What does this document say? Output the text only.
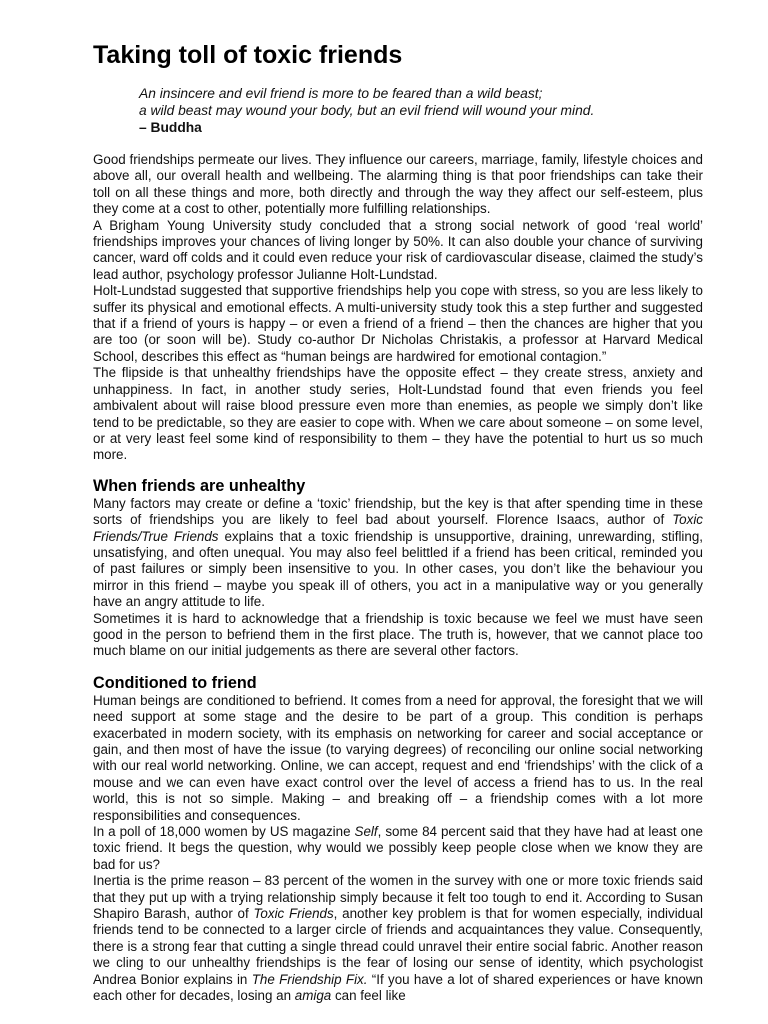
Taking toll of toxic friends
An insincere and evil friend is more to be feared than a wild beast;
a wild beast may wound your body, but an evil friend will wound your mind.
– Buddha

Good friendships permeate our lives. They influence our careers, marriage, family, lifestyle choices and above all, our overall health and wellbeing. The alarming thing is that poor friendships can take their toll on all these things and more, both directly and through the way they affect our self-esteem, plus they come at a cost to other, potentially more fulfilling relationships.

A Brigham Young University study concluded that a strong social network of good ‘real world’ friendships improves your chances of living longer by 50%. It can also double your chance of surviving cancer, ward off colds and it could even reduce your risk of cardiovascular disease, claimed the study’s lead author, psychology professor Julianne Holt-Lundstad.

Holt-Lundstad suggested that supportive friendships help you cope with stress, so you are less likely to suffer its physical and emotional effects. A multi-university study took this a step further and suggested that if a friend of yours is happy – or even a friend of a friend – then the chances are higher that you are too (or soon will be). Study co-author Dr Nicholas Christakis, a professor at Harvard Medical School, describes this effect as “human beings are hardwired for emotional contagion.”

The flipside is that unhealthy friendships have the opposite effect – they create stress, anxiety and unhappiness. In fact, in another study series, Holt-Lundstad found that even friends you feel ambivalent about will raise blood pressure even more than enemies, as people we simply don’t like tend to be predictable, so they are easier to cope with. When we care about someone – on some level, or at very least feel some kind of responsibility to them – they have the potential to hurt us so much more.

When friends are unhealthy

Many factors may create or define a ‘toxic’ friendship, but the key is that after spending time in these sorts of friendships you are likely to feel bad about yourself. Florence Isaacs, author of Toxic Friends/True Friends explains that a toxic friendship is unsupportive, draining, unrewarding, stifling, unsatisfying, and often unequal. You may also feel belittled if a friend has been critical, reminded you of past failures or simply been insensitive to you. In other cases, you don’t like the behaviour you mirror in this friend – maybe you speak ill of others, you act in a manipulative way or you generally have an angry attitude to life.

Sometimes it is hard to acknowledge that a friendship is toxic because we feel we must have seen good in the person to befriend them in the first place. The truth is, however, that we cannot place too much blame on our initial judgements as there are several other factors.

Conditioned to friend

Human beings are conditioned to befriend. It comes from a need for approval, the foresight that we will need support at some stage and the desire to be part of a group. This condition is perhaps exacerbated in modern society, with its emphasis on networking for career and social acceptance or gain, and then most of have the issue (to varying degrees) of reconciling our online social networking with our real world networking. Online, we can accept, request and end ‘friendships’ with the click of a mouse and we can even have exact control over the level of access a friend has to us. In the real world, this is not so simple. Making – and breaking off – a friendship comes with a lot more responsibilities and consequences.

In a poll of 18,000 women by US magazine Self, some 84 percent said that they have had at least one toxic friend. It begs the question, why would we possibly keep people close when we know they are bad for us?

Inertia is the prime reason – 83 percent of the women in the survey with one or more toxic friends said that they put up with a trying relationship simply because it felt too tough to end it. According to Susan Shapiro Barash, author of Toxic Friends, another key problem is that for women especially, individual friends tend to be connected to a larger circle of friends and acquaintances they value. Consequently, there is a strong fear that cutting a single thread could unravel their entire social fabric. Another reason we cling to our unhealthy friendships is the fear of losing our sense of identity, which psychologist Andrea Bonior explains in The Friendship Fix. “If you have a lot of shared experiences or have known each other for decades, losing an amiga can feel like
